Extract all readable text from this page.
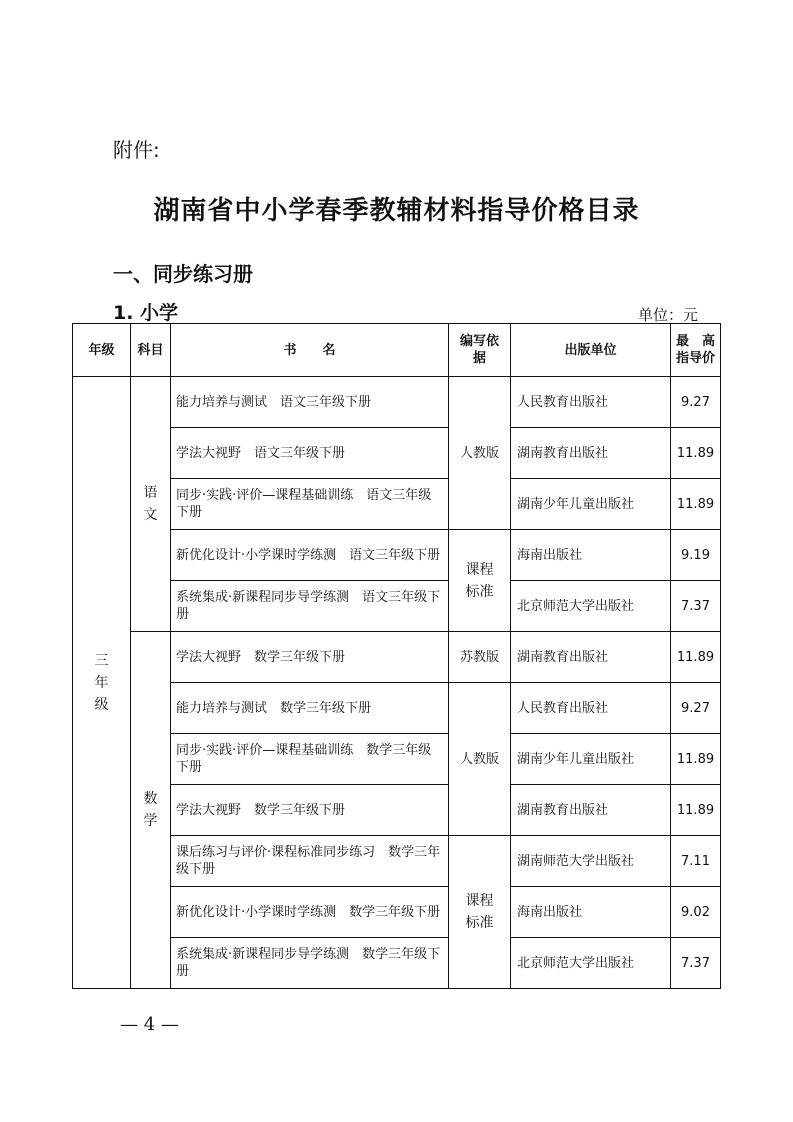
附件:
湖南省中小学春季教辅材料指导价格目录
一、同步练习册
1. 小学	单位：元
年级	科目	书　　名	编写依据	出版单位	最　高指导价
三年级	语文	能力培养与测试　语文三年级下册	人教版	人民教育出版社	9.27
		学法大视野　语文三年级下册		湖南教育出版社	11.89
		同步·实践·评价—课程基础训练　语文三年级下册		湖南少年儿童出版社	11.89
		新优化设计·小学课时学练测　语文三年级下册	课程标准	海南出版社	9.19
		系统集成·新课程同步导学练测　语文三年级下册		北京师范大学出版社	7.37
	数学	学法大视野　数学三年级下册	苏教版	湖南教育出版社	11.89
		能力培养与测试　数学三年级下册	人教版	人民教育出版社	9.27
		同步·实践·评价—课程基础训练　数学三年级下册		湖南少年儿童出版社	11.89
		学法大视野　数学三年级下册		湖南教育出版社	11.89
		课后练习与评价·课程标准同步练习　数学三年级下册	课程标准	湖南师范大学出版社	7.11
		新优化设计·小学课时学练测　数学三年级下册		海南出版社	9.02
		系统集成·新课程同步导学练测　数学三年级下册		北京师范大学出版社	7.37
— 4 —
